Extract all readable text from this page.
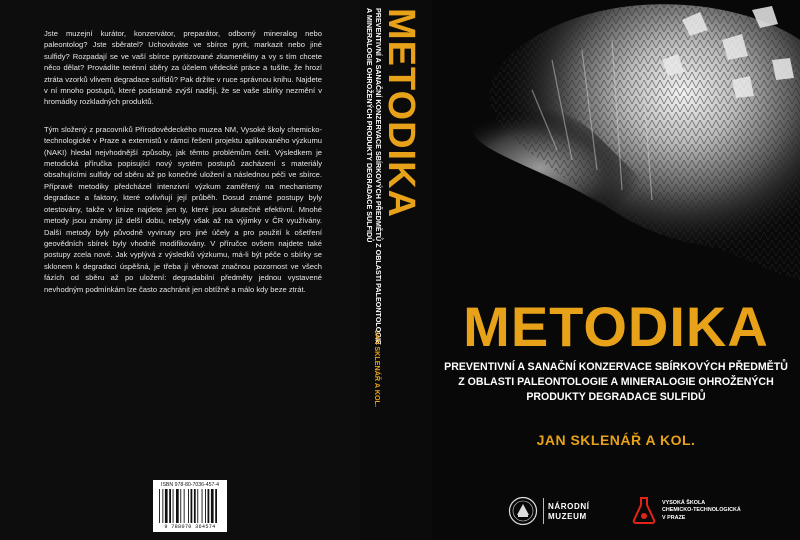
Jste muzejní kurátor, konzervátor, preparátor, odborný mineralog nebo paleontolog? Jste sběratel? Uchováváte ve sbírce pyrit, markazit nebo jiné sulfidy? Rozpadají se ve vaší sbírce pyritizované zkameněliny a vy s tím chcete něco dělat? Provádíte terénní sběry za účelem vědecké práce a tušíte, že hrozí ztráta vzorků vlivem degradace sulfidů? Pak držíte v ruce správnou knihu. Najdete v ní mnoho postupů, které podstatně zvýší naději, že se vaše sbírky nezmění v hromádky rozkladných produktů.

Tým složený z pracovníků Přírodovědeckého muzea NM, Vysoké školy chemicko-technologické v Praze a externistů v rámci řešení projektu aplikovaného výzkumu (NAKI) hledal nejvhodnější způsoby, jak těmto problémům čelit. Výsledkem je metodická příručka popisující nový systém postupů zacházení s materiály obsahujícími sulfidy od sběru až po konečné uložení a následnou péči ve sbírce. Přípravě metodiky předcházel intenzivní výzkum zaměřený na mechanismy degradace a faktory, které ovlivňují její průběh. Dosud známé postupy byly otestovány, takže v knize najdete jen ty, které jsou skutečně efektivní. Mnohé metody jsou známy již delší dobu, nebyly však až na výjimky v ČR využívány. Další metody byly původně vyvinuty pro jiné účely a pro použití k ošetření geovědních sbírek byly vhodně modifikovány. V příručce ovšem najdete také postupy zcela nové. Jak vyplývá z výsledků výzkumu, má-li být péče o sbírky se sklonem k degradaci úspěšná, je třeba jí věnovat značnou pozornost ve všech fázích od sběru až po uložení: degradabilní předměty jednou vystavené nevhodným podmínkám lze často zachránit jen obtížně a málo kdy beze ztrát.

ISBN 978-80-7036-457-4
9 788070 364574
METODIKA
PREVENTIVNÍ A SANAČNÍ KONZERVACE SBÍRKOVÝCH PŘEDMĚTŮ Z OBLASTI PALEONTOLOGIE
A MINERALOGIE OHROŽENÝCH PRODUKTY DEGRADACE SULFIDŮ
JAN SKLENÁŘ A KOL.
METODIKA
PREVENTIVNÍ A SANAČNÍ KONZERVACE SBÍRKOVÝCH PŘEDMĚTŮ
Z OBLASTI PALEONTOLOGIE A MINERALOGIE OHROŽENÝCH
PRODUKTY DEGRADACE SULFIDŮ
JAN SKLENÁŘ A KOL.
NÁRODNÍ
MUZEUM
VYSOKÁ ŠKOLA
CHEMICKO-TECHNOLOGICKÁ
V PRAZE
